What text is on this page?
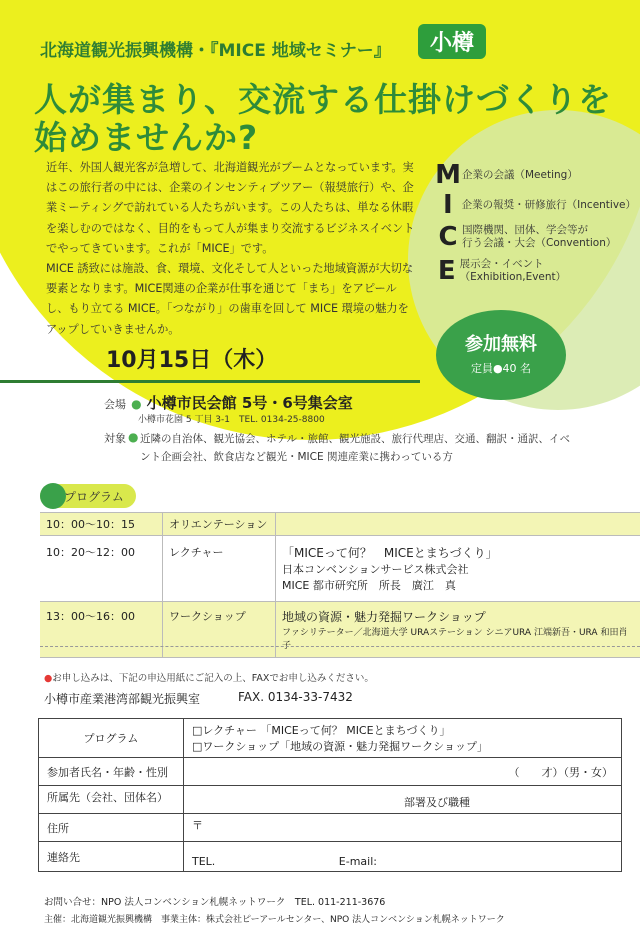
北海道観光振興機構・『MICE 地域セミナー』	小樽
人が集まり、交流する仕掛けづくりを
始めませんか?

近年、外国人観光客が急増して、北海道観光がブームとなっています。実はこの旅行者の中には、企業のインセンティブツアー（報奨旅行）や、企業ミーティングで訪れている人たちがいます。この人たちは、単なる休暇を楽しむのではなく、目的をもって人が集まり交流するビジネスイベントでやってきています。これが「MICE」です。

MICE 誘致には施設、食、環境、文化そして人といった地域資源が大切な要素となります。MICE関連の企業が仕事を通じて「まち」をアピールし、もり立てる MICE。「つながり」の歯車を回して MICE 環境の魅力をアップしていきませんか。

M 企業の会議（Meeting）
I 企業の報奨・研修旅行（Incentive）
C 国際機関、団体、学会等が
行う会議・大会（Convention）
E 展示会・イベント（Exhibition,Event）
参加無料
定員●40 名
10月15日（木）
会場 ● 小樽市民会館 5号・6号集会室
小樽市花園 5 丁目 3-1　TEL. 0134-25-8800
対象 ● 近隣の自治体、観光協会、ホテル・旅館、観光施設、旅行代理店、交通、翻訳・通訳、イベント企画会社、飲食店など観光・MICE 関連産業に携わっている方
プログラム
10：00〜10：15	オリエンテーション	
10：20〜12：00	レクチャー	「MICEって何？　MICEとまちづくり」
日本コンベンションサービス株式会社
MICE 都市研究所　所長　廣江　真

13：00〜16：00	ワークショップ	地域の資源・魅力発掘ワークショップ
ファシリテーター／北海道大学 URAステーション シニアURA 江端新吾・URA 和田肖子
●お申し込みは、下記の申込用紙にご記入の上、FAXでお申し込みください。
小樽市産業港湾部観光振興室	FAX. 0134-33-7432
プログラム	□レクチャー 「MICEって何？ MICEとまちづくり」
□ワークショップ「地域の資源・魅力発掘ワークショップ」

参加者氏名・年齢・性別	（　　才）（男・女）
所属先（会社、団体名）	部署及び職種
住所	〒
連絡先	TEL. E-mail:
お問い合せ：NPO 法人コンベンション札幌ネットワーク　TEL. 011-211-3676
主催：北海道観光振興機構　事業主体：株式会社ピーアールセンター、NPO 法人コンベンション札幌ネットワーク
